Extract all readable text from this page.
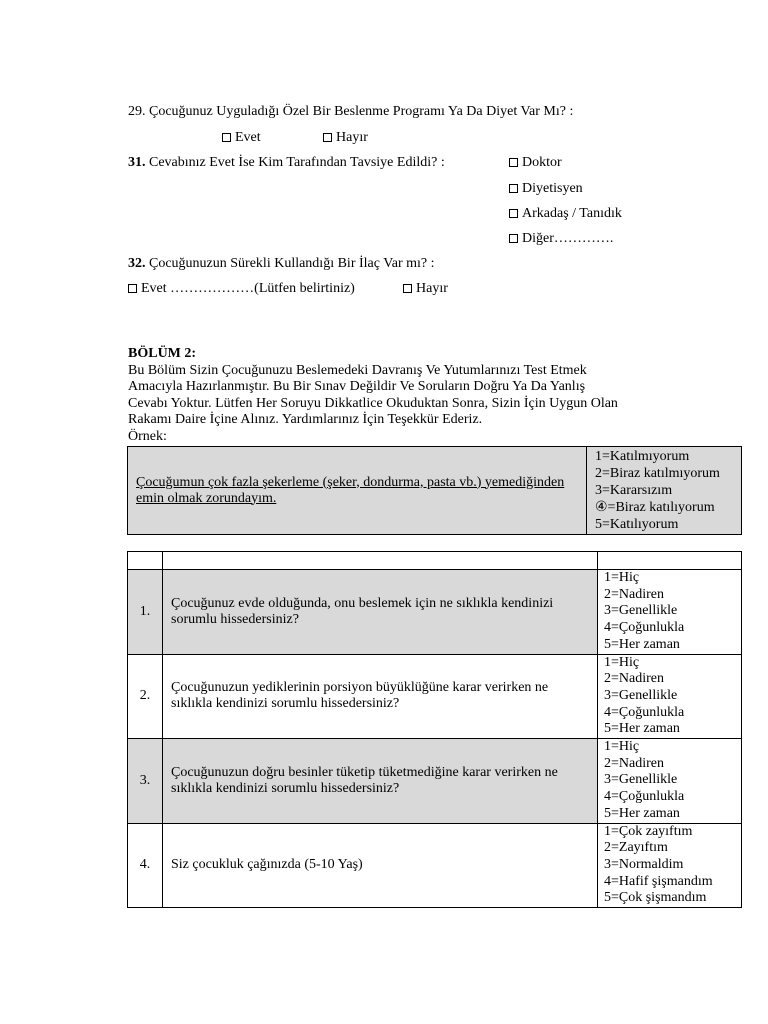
29. Çocuğunuz Uyguladığı Özel Bir Beslenme Programı Ya Da Diyet Var Mı? :
Evet	Hayır
31. Cevabınız Evet İse Kim Tarafından Tavsiye Edildi? :	Doktor
Diyetisyen
Arkadaş / Tanıdık
Diğer………….
32. Çocuğunuzun Sürekli Kullandığı Bir İlaç Var mı? :
Evet ………………(Lütfen belirtiniz)	Hayır
BÖLÜM 2:
Bu Bölüm Sizin Çocuğunuzu Beslemedeki Davranış Ve Yutumlarınızı Test Etmek
Amacıyla Hazırlanmıştır. Bu Bir Sınav Değildir Ve Soruların Doğru Ya Da Yanlış
Cevabı Yoktur. Lütfen Her Soruyu Dikkatlice Okuduktan Sonra, Sizin İçin Uygun Olan
Rakamı Daire İçine Alınız. Yardımlarınız İçin Teşekkür Ederiz.
Örnek:
Çocuğumun çok fazla şekerleme (şeker, dondurma, pasta vb.) yemediğinden emin olmak zorundayım.	
1=Katılmıyorum
2=Biraz katılmıyorum
3=Kararsızım
④=Biraz katılıyorum
5=Katılıyorum

1.	Çocuğunuz evde olduğunda, onu beslemek için ne sıklıkla kendinizi sorumlu hissedersiniz?	1=Hiç
2=Nadiren
3=Genellikle
4=Çoğunlukla
5=Her zaman

2.	Çocuğunuzun yediklerinin porsiyon büyüklüğüne karar verirken ne sıklıkla kendinizi sorumlu hissedersiniz?	1=Hiç
2=Nadiren
3=Genellikle
4=Çoğunlukla
5=Her zaman

3.	Çocuğunuzun doğru besinler tüketip tüketmediğine karar verirken ne sıklıkla kendinizi sorumlu hissedersiniz?	1=Hiç
2=Nadiren
3=Genellikle
4=Çoğunlukla
5=Her zaman

4.	Siz çocukluk çağınızda (5-10 Yaş)	1=Çok zayıftım
2=Zayıftım
3=Normaldim
4=Hafif şişmandım
5=Çok şişmandım
